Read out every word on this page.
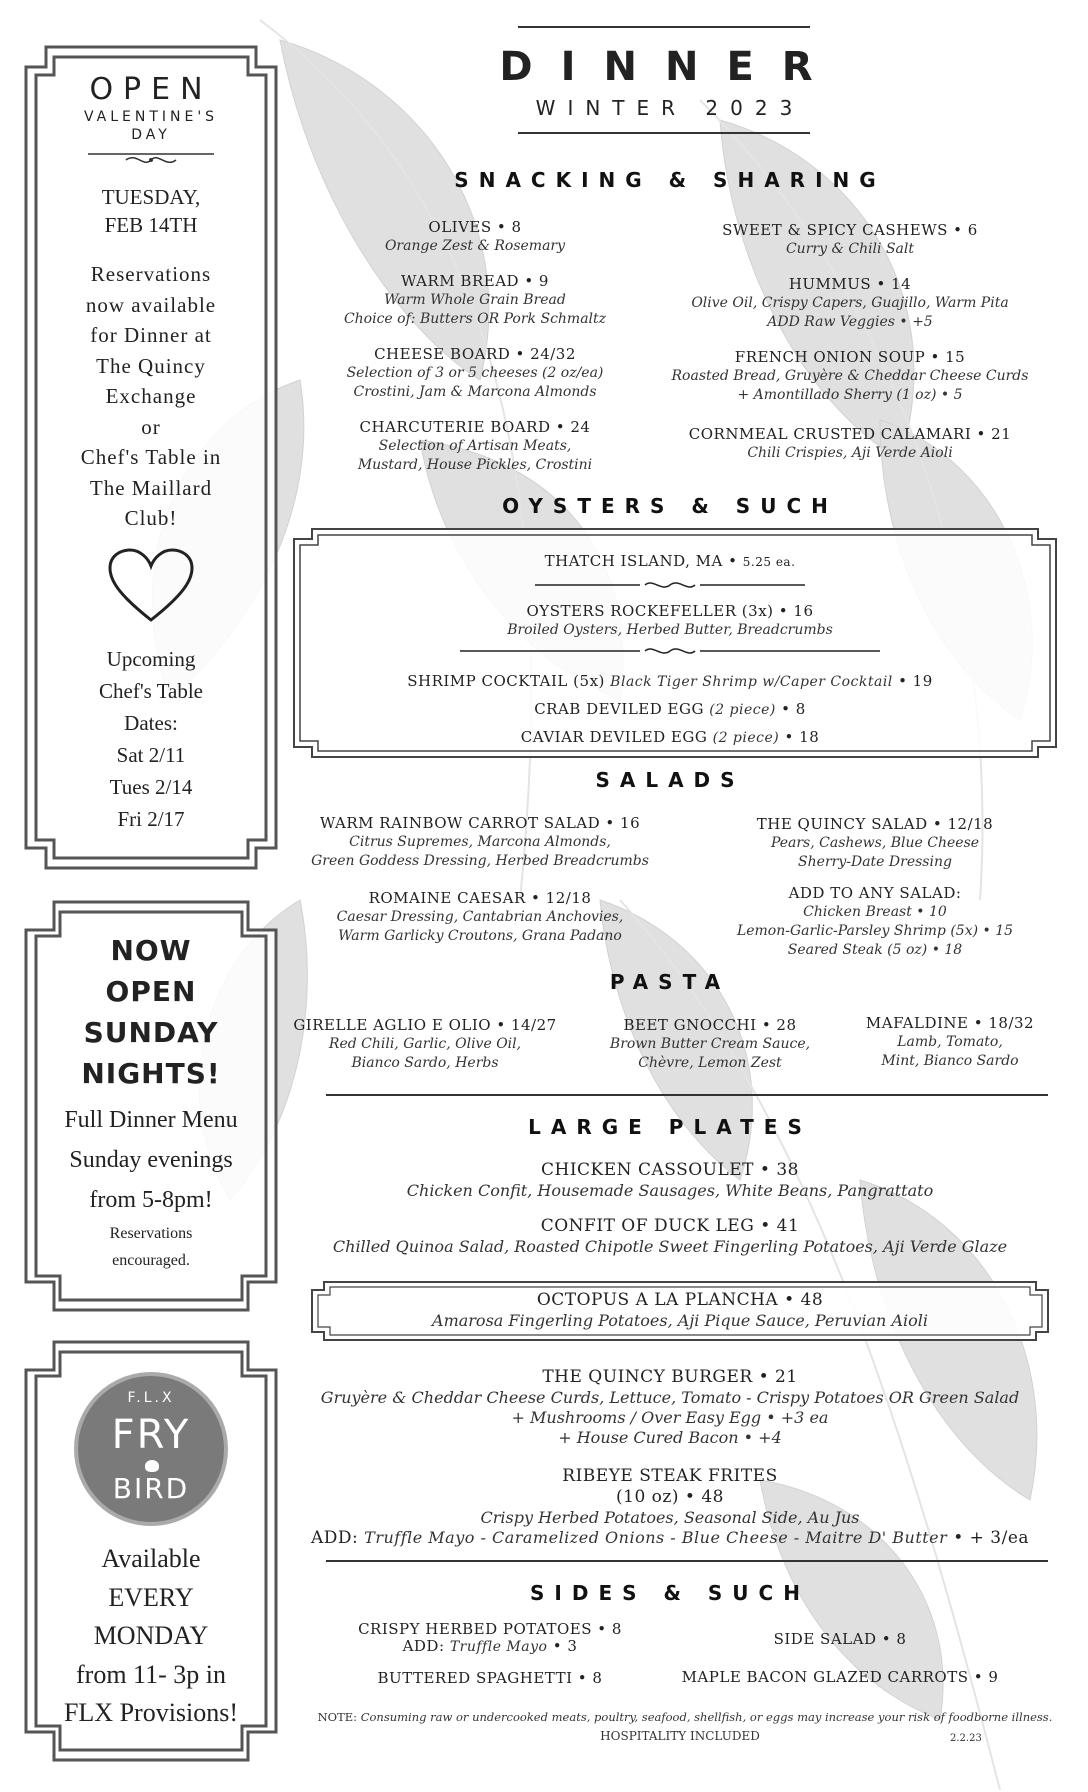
OPEN
VALENTINE'S
DAY
TUESDAY,
FEB 14TH
Reservations
now available
for Dinner at
The Quincy
Exchange
or
Chef's Table in
The Maillard
Club!
Upcoming
Chef's Table
Dates:
Sat 2/11
Tues 2/14
Fri 2/17
NOW
OPEN
SUNDAY
NIGHTS!
Full Dinner Menu
Sunday evenings
from 5-8pm!
Reservations
encouraged.
F.L.X
FRY
BIRD
Available
EVERY
MONDAY
from 11- 3p in
FLX Provisions!
DINNER
WINTER 2023
SNACKING & SHARING
OLIVES • 8
Orange Zest & Rosemary
WARM BREAD • 9
Warm Whole Grain Bread
Choice of: Butters OR Pork Schmaltz
CHEESE BOARD • 24/32
Selection of 3 or 5 cheeses (2 oz/ea)
Crostini, Jam & Marcona Almonds
CHARCUTERIE BOARD • 24
Selection of Artisan Meats,
Mustard, House Pickles, Crostini
SWEET & SPICY CASHEWS • 6
Curry & Chili Salt
HUMMUS • 14
Olive Oil, Crispy Capers, Guajillo, Warm Pita
ADD Raw Veggies • +5
FRENCH ONION SOUP • 15
Roasted Bread, Gruyère & Cheddar Cheese Curds
+ Amontillado Sherry (1 oz) • 5
CORNMEAL CRUSTED CALAMARI • 21
Chili Crispies, Aji Verde Aioli
OYSTERS & SUCH
THATCH ISLAND, MA • 5.25 ea.
OYSTERS ROCKEFELLER (3x) • 16
Broiled Oysters, Herbed Butter, Breadcrumbs
SHRIMP COCKTAIL (5x) Black Tiger Shrimp w/Caper Cocktail • 19
CRAB DEVILED EGG (2 piece) • 8
CAVIAR DEVILED EGG (2 piece) • 18
SALADS
WARM RAINBOW CARROT SALAD • 16
Citrus Supremes, Marcona Almonds,
Green Goddess Dressing, Herbed Breadcrumbs
ROMAINE CAESAR • 12/18
Caesar Dressing, Cantabrian Anchovies,
Warm Garlicky Croutons, Grana Padano
THE QUINCY SALAD • 12/18
Pears, Cashews, Blue Cheese
Sherry-Date Dressing
ADD TO ANY SALAD:
Chicken Breast • 10
Lemon-Garlic-Parsley Shrimp (5x) • 15
Seared Steak (5 oz) • 18
PASTA
GIRELLE AGLIO E OLIO • 14/27
Red Chili, Garlic, Olive Oil,
Bianco Sardo, Herbs
BEET GNOCCHI • 28
Brown Butter Cream Sauce,
Chèvre, Lemon Zest
MAFALDINE • 18/32
Lamb, Tomato,
Mint, Bianco Sardo
LARGE PLATES
CHICKEN CASSOULET • 38
Chicken Confit, Housemade Sausages, White Beans, Pangrattato
CONFIT OF DUCK LEG • 41
Chilled Quinoa Salad, Roasted Chipotle Sweet Fingerling Potatoes, Aji Verde Glaze
OCTOPUS A LA PLANCHA • 48
Amarosa Fingerling Potatoes, Aji Pique Sauce, Peruvian Aioli
THE QUINCY BURGER • 21
Gruyère & Cheddar Cheese Curds, Lettuce, Tomato - Crispy Potatoes OR Green Salad
+ Mushrooms / Over Easy Egg • +3 ea
+ House Cured Bacon • +4
RIBEYE STEAK FRITES
(10 oz) • 48
Crispy Herbed Potatoes, Seasonal Side, Au Jus
ADD: Truffle Mayo - Caramelized Onions - Blue Cheese - Maitre D' Butter • + 3/ea
SIDES & SUCH
CRISPY HERBED POTATOES • 8
ADD: Truffle Mayo • 3
BUTTERED SPAGHETTI • 8
SIDE SALAD • 8
MAPLE BACON GLAZED CARROTS • 9
NOTE: Consuming raw or undercooked meats, poultry, seafood, shellfish, or eggs may increase your risk of foodborne illness.
HOSPITALITY INCLUDED	2.2.23
